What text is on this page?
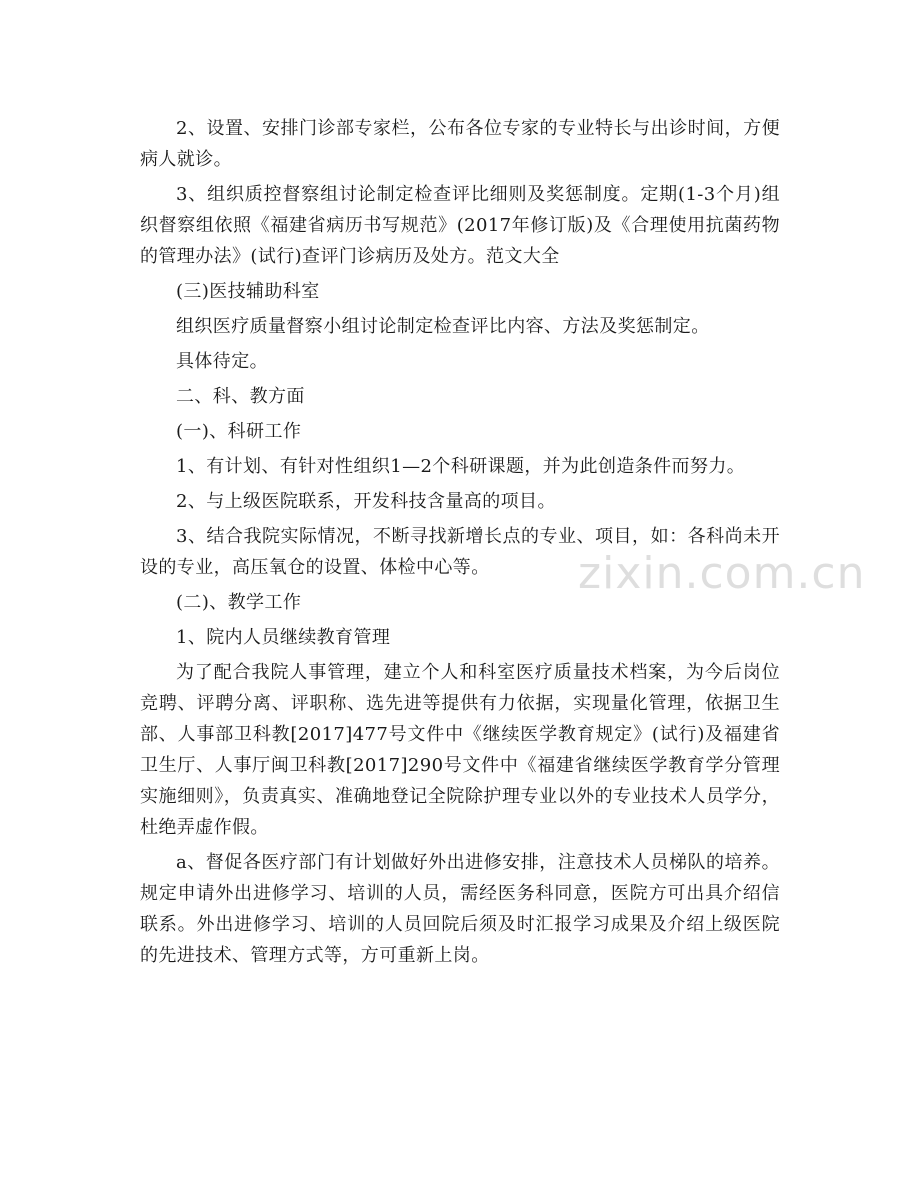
2、设置、安排门诊部专家栏，公布各位专家的专业特长与出诊时间，方便病人就诊。

3、组织质控督察组讨论制定检查评比细则及奖惩制度。定期(1-3个月)组织督察组依照《福建省病历书写规范》(2017年修订版)及《合理使用抗菌药物的管理办法》(试行)查评门诊病历及处方。范文大全

(三)医技辅助科室

组织医疗质量督察小组讨论制定检查评比内容、方法及奖惩制定。

具体待定。

二、科、教方面

(一)、科研工作

1、有计划、有针对性组织1—2个科研课题，并为此创造条件而努力。

2、与上级医院联系，开发科技含量高的项目。

3、结合我院实际情况，不断寻找新增长点的专业、项目，如：各科尚未开设的专业，高压氧仓的设置、体检中心等。

(二)、教学工作

1、院内人员继续教育管理

为了配合我院人事管理，建立个人和科室医疗质量技术档案，为今后岗位竞聘、评聘分离、评职称、选先进等提供有力依据，实现量化管理，依据卫生部、人事部卫科教[2017]477号文件中《继续医学教育规定》(试行)及福建省卫生厅、人事厅闽卫科教[2017]290号文件中《福建省继续医学教育学分管理实施细则》，负责真实、准确地登记全院除护理专业以外的专业技术人员学分，杜绝弄虚作假。

a、督促各医疗部门有计划做好外出进修安排，注意技术人员梯队的培养。规定申请外出进修学习、培训的人员，需经医务科同意，医院方可出具介绍信联系。外出进修学习、培训的人员回院后须及时汇报学习成果及介绍上级医院的先进技术、管理方式等，方可重新上岗。

zixin.com.cn
